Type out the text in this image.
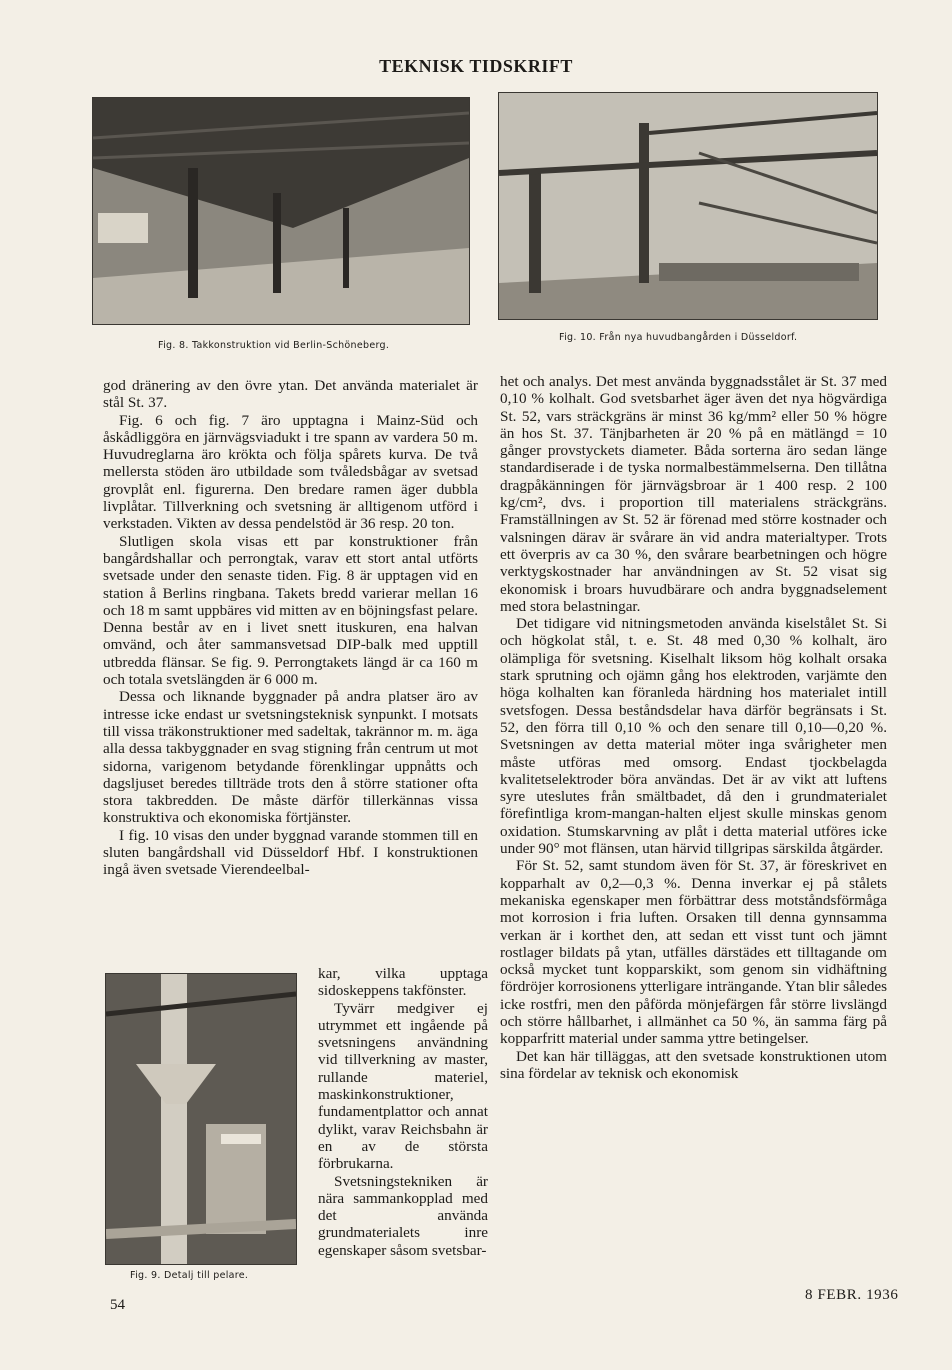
TEKNISK TIDSKRIFT
Fig. 8. Takkonstruktion vid Berlin-Schöneberg.
Fig. 10. Från nya huvudbangården i Düsseldorf.
Fig. 9. Detalj till pelare.

god dränering av den övre ytan. Det använda materialet är stål St. 37.

Fig. 6 och fig. 7 äro upptagna i Mainz-Süd och åskådliggöra en järnvägsviadukt i tre spann av vardera 50 m. Huvudreglarna äro krökta och följa spårets kurva. De två mellersta stöden äro utbildade som tvåledsbågar av svetsad grovplåt enl. figurerna. Den bredare ramen äger dubbla livplåtar. Tillverkning och svetsning är alltigenom utförd i verkstaden. Vikten av dessa pendelstöd är 36 resp. 20 ton.

Slutligen skola visas ett par konstruktioner från bangårdshallar och perrongtak, varav ett stort antal utförts svetsade under den senaste tiden. Fig. 8 är upptagen vid en station å Berlins ringbana. Takets bredd varierar mellan 16 och 18 m samt uppbäres vid mitten av en böjningsfast pelare. Denna består av en i livet snett ituskuren, ena halvan omvänd, och åter sammansvetsad DIP-balk med upptill utbredda flänsar. Se fig. 9. Perrongtakets längd är ca 160 m och totala svetslängden är 6 000 m.

Dessa och liknande byggnader på andra platser äro av intresse icke endast ur svetsningsteknisk synpunkt. I motsats till vissa träkonstruktioner med sadeltak, takrännor m. m. äga alla dessa takbyggnader en svag stigning från centrum ut mot sidorna, varigenom betydande förenklingar uppnåtts och dagsljuset beredes tillträde trots den å större stationer ofta stora takbredden. De måste därför tillerkännas vissa konstruktiva och ekonomiska förtjänster.

I fig. 10 visas den under byggnad varande stommen till en sluten bangårdshall vid Düsseldorf Hbf. I konstruktionen ingå även svetsade Vierendeelbal-

kar, vilka upptaga sidoskeppens takfönster.

Tyvärr medgiver ej utrymmet ett ingående på svetsningens användning vid tillverkning av master, rullande materiel, maskinkonstruktioner, fundamentplattor och annat dylikt, varav Reichsbahn är en av de största förbrukarna.

Svetsningstekniken är nära sammankopplad med det använda grundmaterialets inre egenskaper såsom svetsbar-

het och analys. Det mest använda byggnadsstålet är St. 37 med 0,10 % kolhalt. God svetsbarhet äger även det nya högvärdiga St. 52, vars sträckgräns är minst 36 kg/mm² eller 50 % högre än hos St. 37. Tänjbarheten är 20 % på en mätlängd = 10 gånger provstyckets diameter. Båda sorterna äro sedan länge standardiserade i de tyska normalbestämmelserna. Den tillåtna dragpåkänningen för järnvägsbroar är 1 400 resp. 2 100 kg/cm², dvs. i proportion till materialens sträckgräns. Framställningen av St. 52 är förenad med större kostnader och valsningen därav är svårare än vid andra materialtyper. Trots ett överpris av ca 30 %, den svårare bearbetningen och högre verktygskostnader har användningen av St. 52 visat sig ekonomisk i broars huvudbärare och andra byggnadselement med stora belastningar.

Det tidigare vid nitningsmetoden använda kiselstålet St. Si och högkolat stål, t. e. St. 48 med 0,30 % kolhalt, äro olämpliga för svetsning. Kiselhalt liksom hög kolhalt orsaka stark sprutning och ojämn gång hos elektroden, varjämte den höga kolhalten kan föranleda härdning hos materialet intill svetsfogen. Dessa beståndsdelar hava därför begränsats i St. 52, den förra till 0,10 % och den senare till 0,10—0,20 %. Svetsningen av detta material möter inga svårigheter men måste utföras med omsorg. Endast tjockbelagda kvalitetselektroder böra användas. Det är av vikt att luftens syre uteslutes från smältbadet, då den i grundmaterialet förefintliga krom-mangan-halten eljest skulle minskas genom oxidation. Stumskarvning av plåt i detta material utföres icke under 90° mot flänsen, utan härvid tillgripas särskilda åtgärder.

För St. 52, samt stundom även för St. 37, är föreskrivet en kopparhalt av 0,2—0,3 %. Denna inverkar ej på stålets mekaniska egenskaper men förbättrar dess motståndsförmåga mot korrosion i fria luften. Orsaken till denna gynnsamma verkan är i korthet den, att sedan ett visst tunt och jämnt rostlager bildats på ytan, utfälles därstädes ett tilltagande om också mycket tunt kopparskikt, som genom sin vidhäftning fördröjer korrosionens ytterligare inträngande. Ytan blir således icke rostfri, men den påförda mönjefärgen får större livslängd och större hållbarhet, i allmänhet ca 50 %, än samma färg på kopparfritt material under samma yttre betingelser.

Det kan här tilläggas, att den svetsade konstruktionen utom sina fördelar av teknisk och ekonomisk

54
8 FEBR. 1936
